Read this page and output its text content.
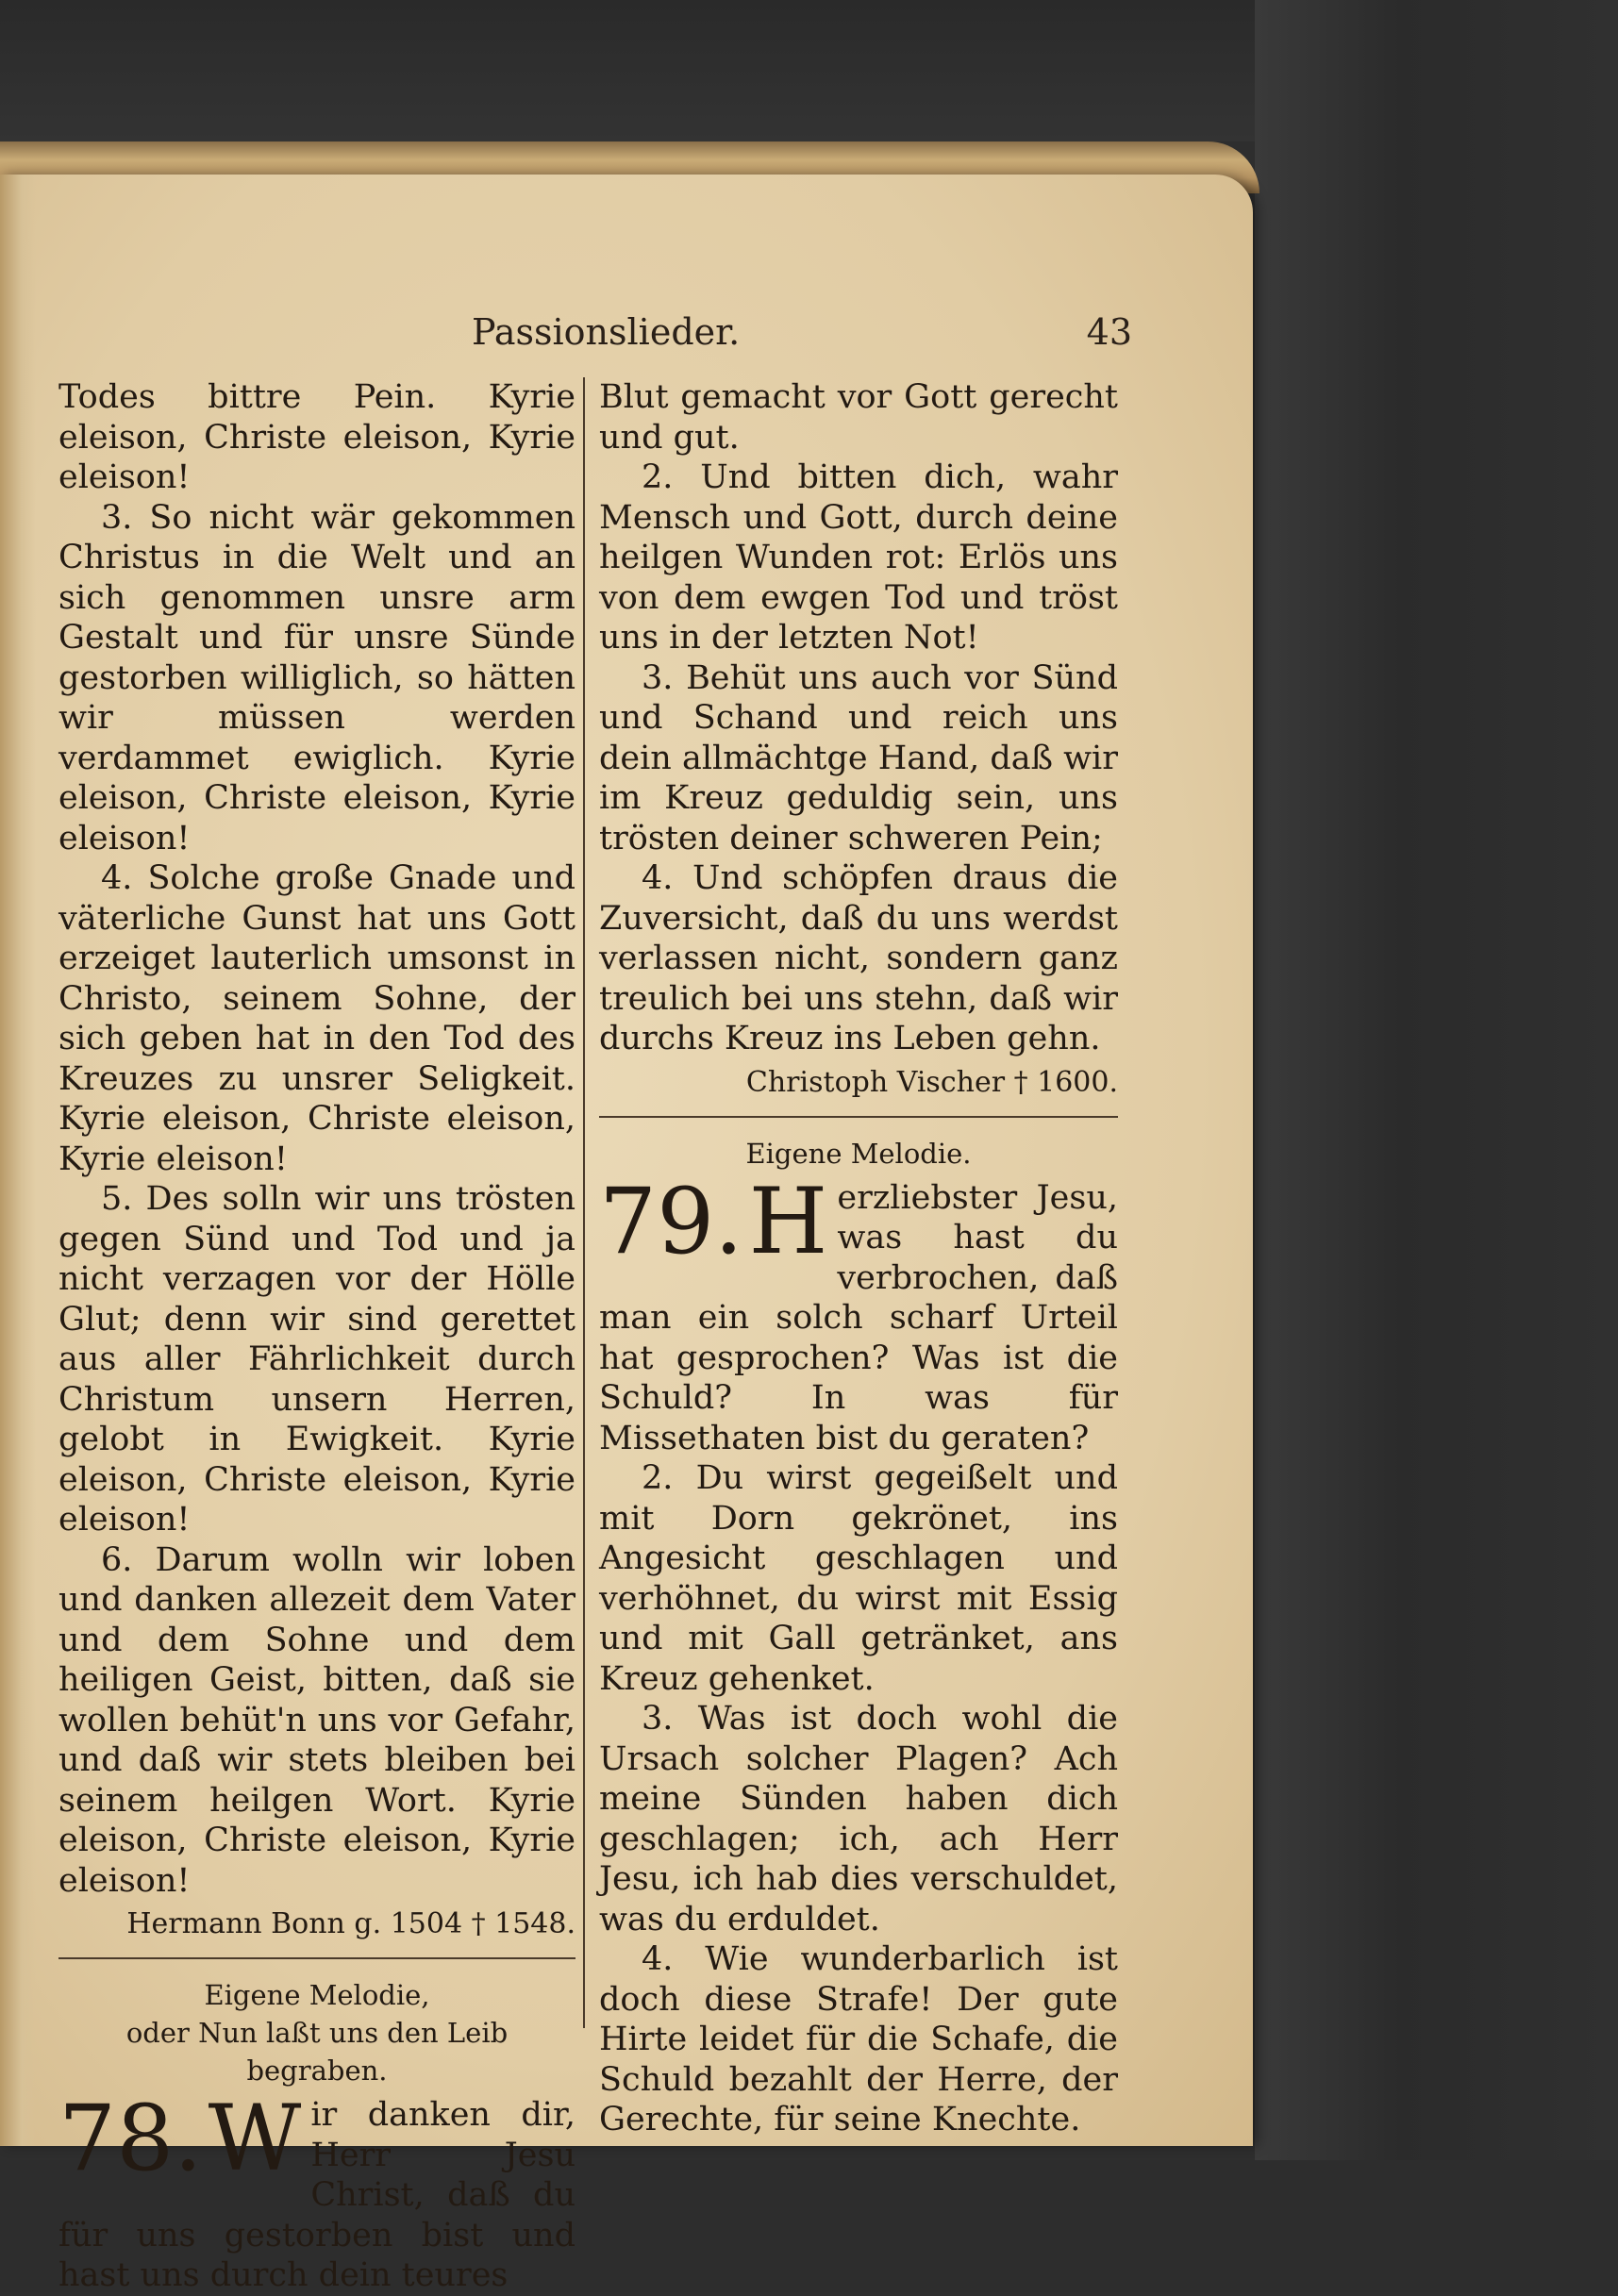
Passionslieder.	43

Todes bittre Pein. Kyrie eleison, Christe eleison, Kyrie eleison!

3. So nicht wär gekommen Christus in die Welt und an sich genommen unsre arm Gestalt und für unsre Sünde gestorben williglich, so hätten wir müssen werden verdammet ewiglich. Kyrie eleison, Christe eleison, Kyrie eleison!

4. Solche große Gnade und väterliche Gunst hat uns Gott erzeiget lauterlich umsonst in Christo, seinem Sohne, der sich geben hat in den Tod des Kreuzes zu unsrer Seligkeit. Kyrie eleison, Christe eleison, Kyrie eleison!

5. Des solln wir uns trösten gegen Sünd und Tod und ja nicht verzagen vor der Hölle Glut; denn wir sind gerettet aus aller Fährlichkeit durch Christum unsern Herren, gelobt in Ewigkeit. Kyrie eleison, Christe eleison, Kyrie eleison!

6. Darum wolln wir loben und danken allezeit dem Vater und dem Sohne und dem heiligen Geist, bitten, daß sie wollen behüt'n uns vor Gefahr, und daß wir stets bleiben bei seinem heilgen Wort. Kyrie eleison, Christe eleison, Kyrie eleison!

Hermann Bonn g. 1504 † 1548.

Eigene Melodie,

oder Nun laßt uns den Leib begraben.

78. W ir danken dir, Herr Jesu Christ, daß du für uns gestorben bist und hast uns durch dein teures

Blut gemacht vor Gott gerecht und gut.

2. Und bitten dich, wahr Mensch und Gott, durch deine heilgen Wunden rot: Erlös uns von dem ewgen Tod und tröst uns in der letzten Not!

3. Behüt uns auch vor Sünd und Schand und reich uns dein allmächtge Hand, daß wir im Kreuz geduldig sein, uns trösten deiner schweren Pein;

4. Und schöpfen draus die Zuversicht, daß du uns werdst verlassen nicht, sondern ganz treulich bei uns stehn, daß wir durchs Kreuz ins Leben gehn.

Christoph Vischer † 1600.

Eigene Melodie.

79. H erzliebster Jesu, was hast du verbrochen, daß man ein solch scharf Urteil hat gesprochen? Was ist die Schuld? In was für Missethaten bist du geraten?

2. Du wirst gegeißelt und mit Dorn gekrönet, ins Angesicht geschlagen und verhöhnet, du wirst mit Essig und mit Gall getränket, ans Kreuz gehenket.

3. Was ist doch wohl die Ursach solcher Plagen? Ach meine Sünden haben dich geschlagen; ich, ach Herr Jesu, ich hab dies verschuldet, was du erduldet.

4. Wie wunderbarlich ist doch diese Strafe! Der gute Hirte leidet für die Schafe, die Schuld bezahlt der Herre, der Gerechte, für seine Knechte.
